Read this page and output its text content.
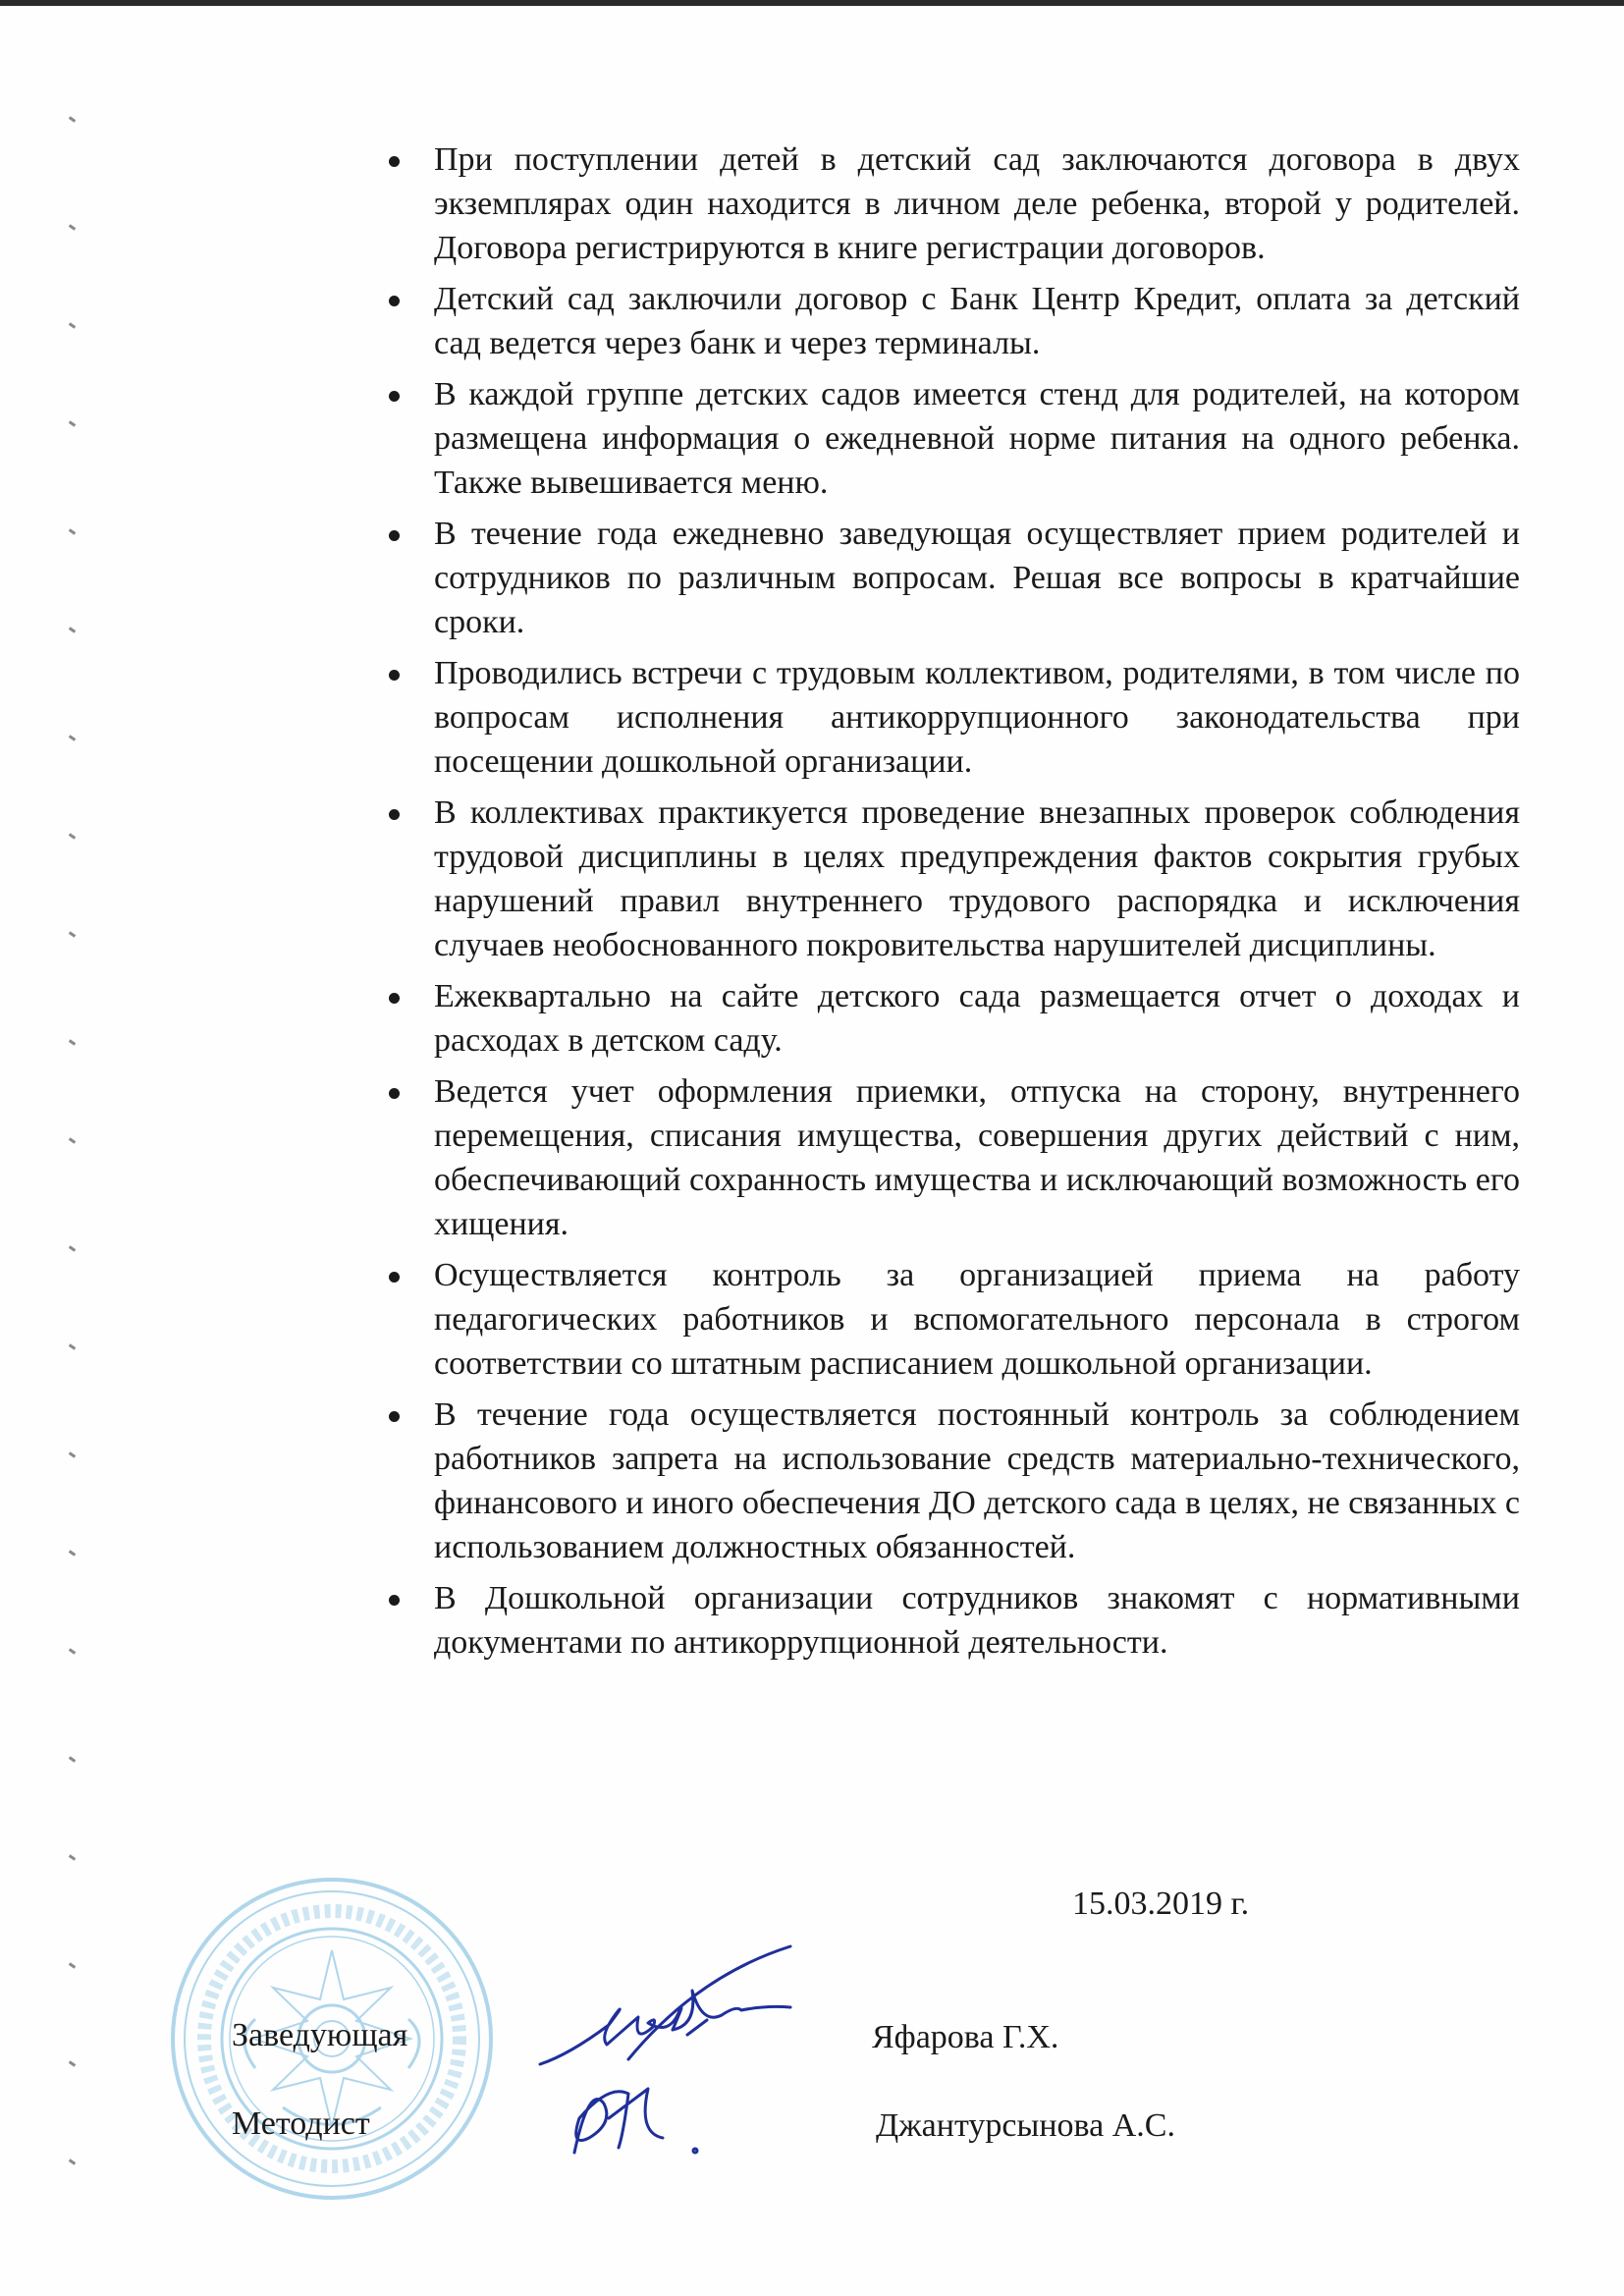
При поступлении детей в детский сад заключаются договора в двух экземплярах один находится в личном деле ребенка, второй у родителей. Договора регистрируются в книге регистрации договоров.
Детский сад заключили договор с Банк Центр Кредит, оплата за детский сад ведется через банк и через терминалы.
В каждой группе детских садов имеется стенд для родителей, на котором размещена информация о ежедневной норме питания на одного ребенка. Также вывешивается меню.
В течение года ежедневно заведующая осуществляет прием родителей и сотрудников по различным вопросам. Решая все вопросы в кратчайшие сроки.
Проводились встречи с трудовым коллективом, родителями, в том числе по вопросам исполнения антикоррупционного законодательства при посещении дошкольной организации.
В коллективах практикуется проведение внезапных проверок соблюдения трудовой дисциплины в целях предупреждения фактов сокрытия грубых нарушений правил внутреннего трудового распорядка и исключения случаев необоснованного покровительства нарушителей дисциплины.
Ежеквартально на сайте детского сада размещается отчет о доходах и расходах в детском саду.
Ведется учет оформления приемки, отпуска на сторону, внутреннего перемещения, списания имущества, совершения других действий с ним, обеспечивающий сохранность имущества и исключающий возможность его хищения.
Осуществляется контроль за организацией приема на работу педагогических работников и вспомогательного персонала в строгом соответствии со штатным расписанием дошкольной организации.
В течение года осуществляется постоянный контроль за соблюдением работников запрета на использование средств материально-технического, финансового и иного обеспечения ДО детского сада в целях, не связанных с использованием должностных обязанностей.
В Дошкольной организации сотрудников знакомят с нормативными документами по антикоррупционной деятельности.
15.03.2019 г.
Заведующая	Яфарова Г.Х.
Методист	Джантурсынова А.С.
